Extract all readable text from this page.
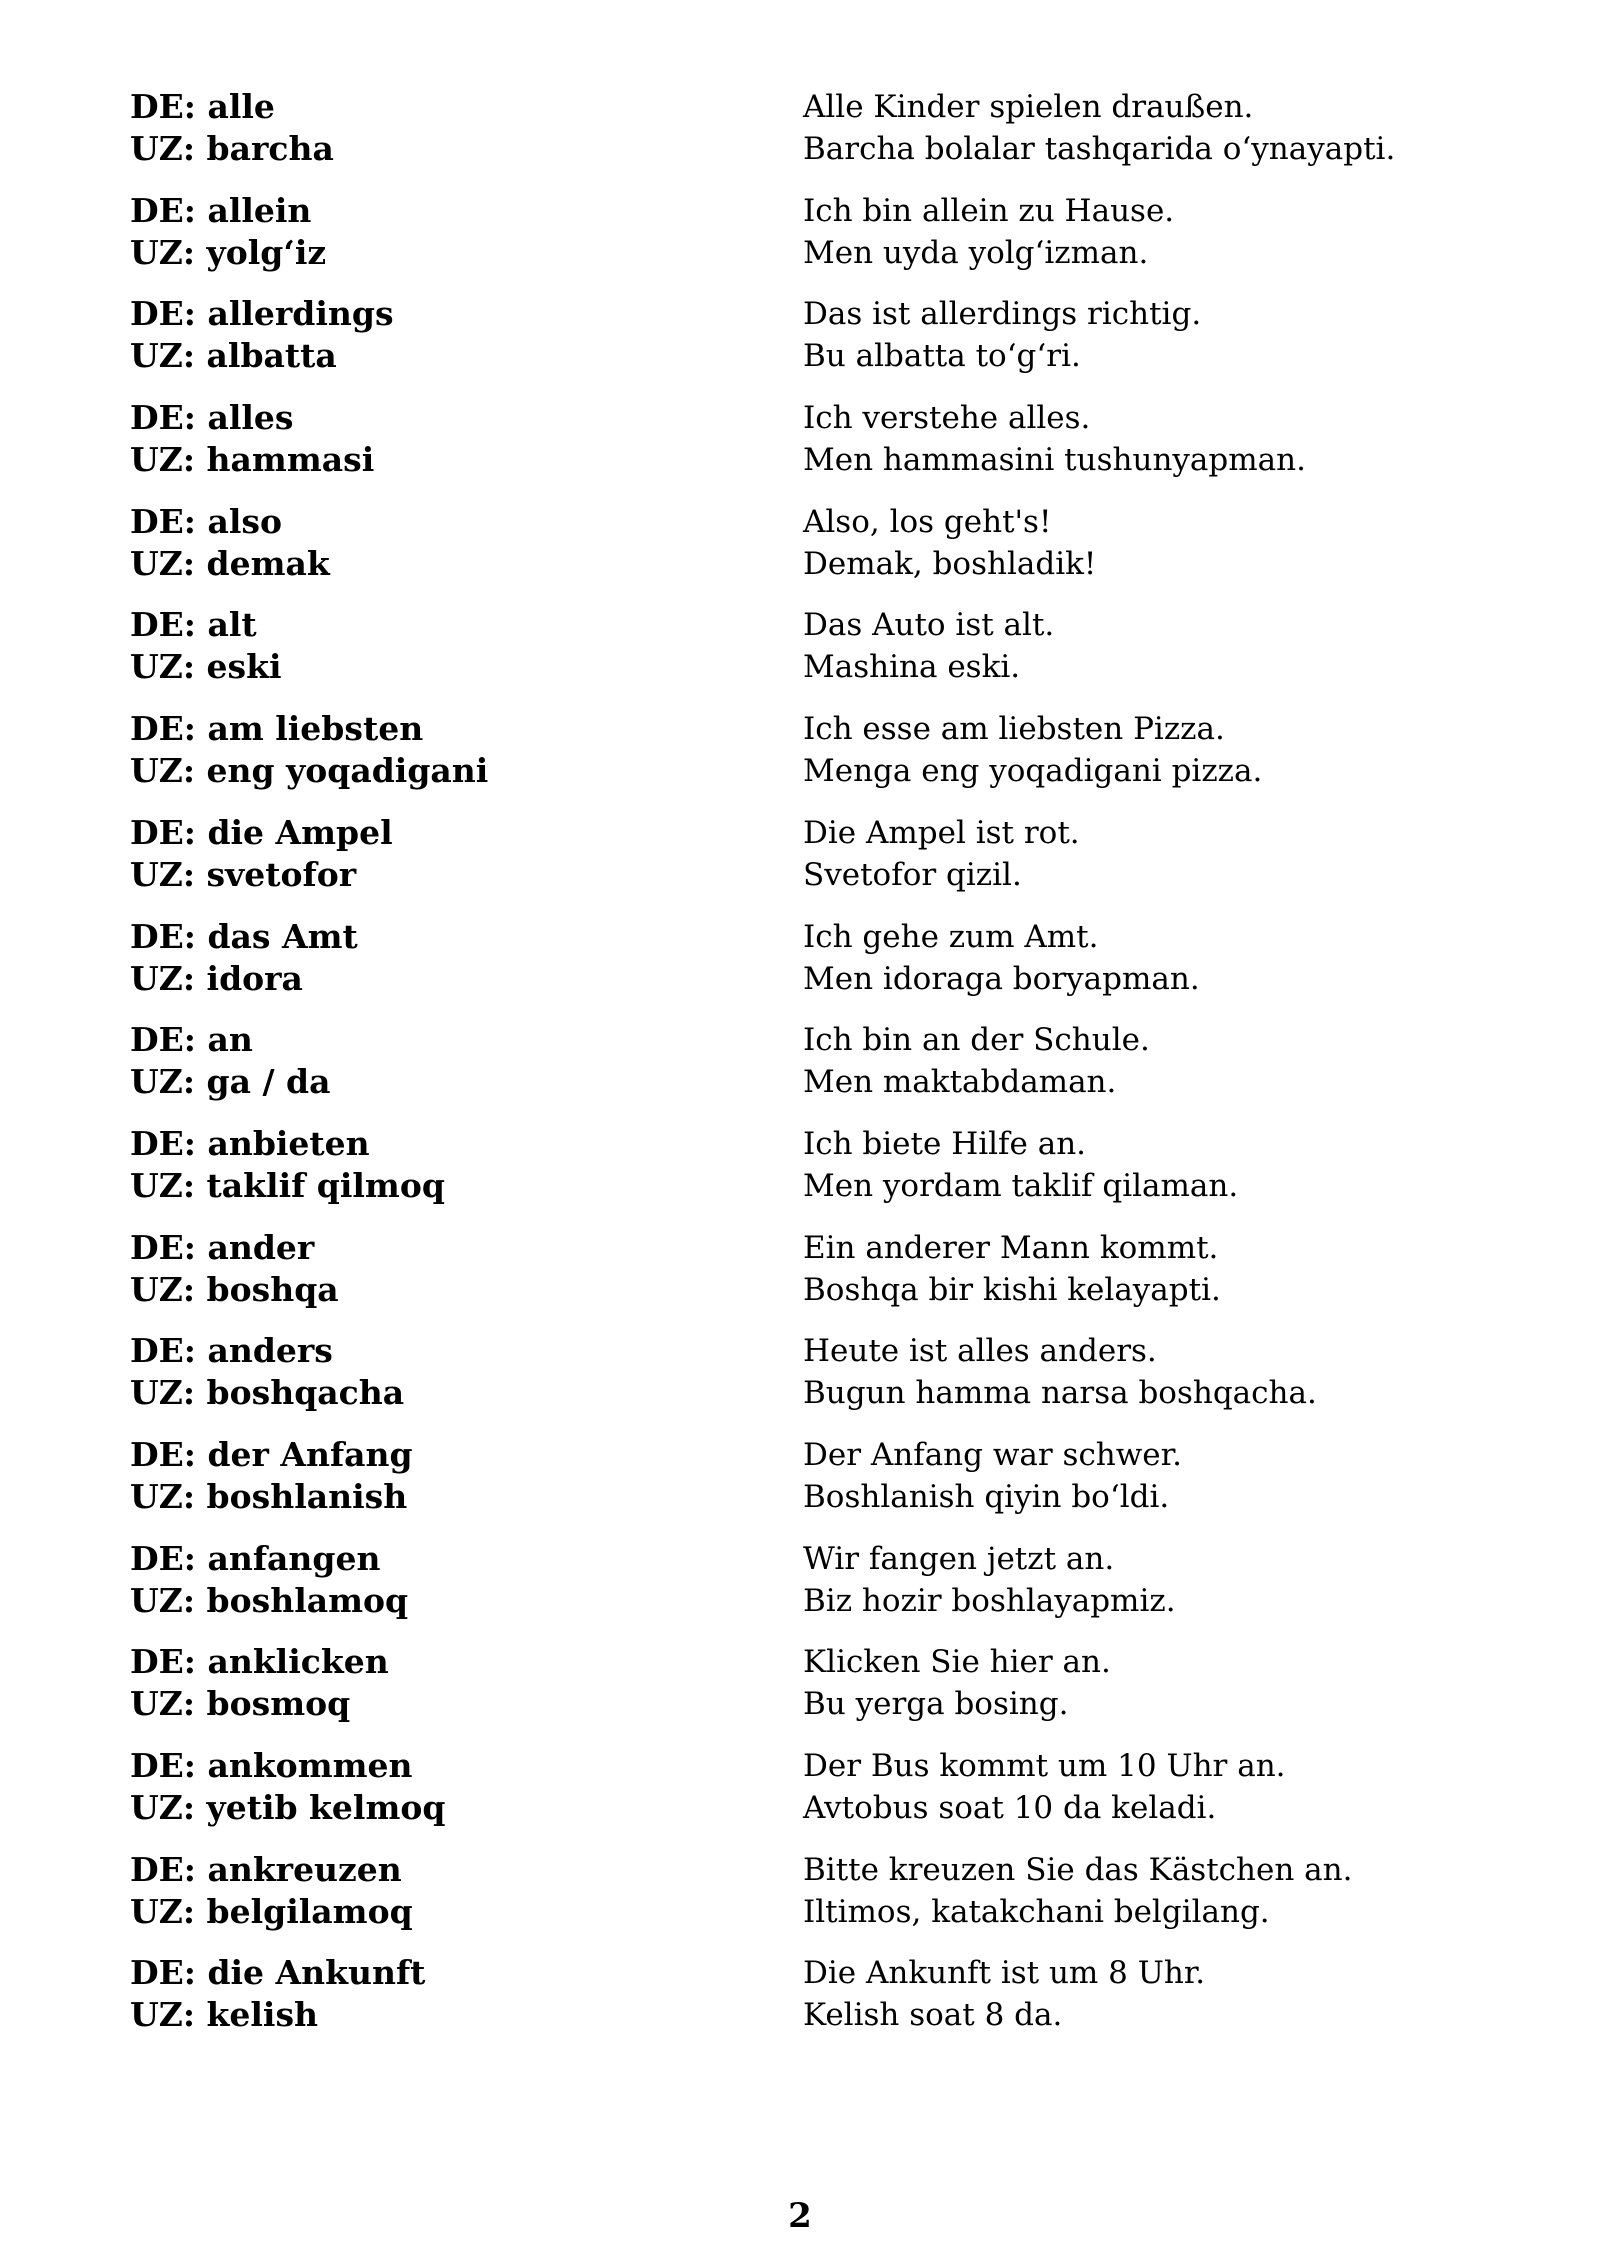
DE: alle
UZ: barcha
Alle Kinder spielen draußen.
Barcha bolalar tashqarida oʻynayapti.
DE: allein
UZ: yolgʻiz
Ich bin allein zu Hause.
Men uyda yolgʻizman.
DE: allerdings
UZ: albatta
Das ist allerdings richtig.
Bu albatta toʻgʻri.
DE: alles
UZ: hammasi
Ich verstehe alles.
Men hammasini tushunyapman.
DE: also
UZ: demak
Also, los geht's!
Demak, boshladik!
DE: alt
UZ: eski
Das Auto ist alt.
Mashina eski.
DE: am liebsten
UZ: eng yoqadigani
Ich esse am liebsten Pizza.
Menga eng yoqadigani pizza.
DE: die Ampel
UZ: svetofor
Die Ampel ist rot.
Svetofor qizil.
DE: das Amt
UZ: idora
Ich gehe zum Amt.
Men idoraga boryapman.
DE: an
UZ: ga / da
Ich bin an der Schule.
Men maktabdaman.
DE: anbieten
UZ: taklif qilmoq
Ich biete Hilfe an.
Men yordam taklif qilaman.
DE: ander
UZ: boshqa
Ein anderer Mann kommt.
Boshqa bir kishi kelayapti.
DE: anders
UZ: boshqacha
Heute ist alles anders.
Bugun hamma narsa boshqacha.
DE: der Anfang
UZ: boshlanish
Der Anfang war schwer.
Boshlanish qiyin boʻldi.
DE: anfangen
UZ: boshlamoq
Wir fangen jetzt an.
Biz hozir boshlayapmiz.
DE: anklicken
UZ: bosmoq
Klicken Sie hier an.
Bu yerga bosing.
DE: ankommen
UZ: yetib kelmoq
Der Bus kommt um 10 Uhr an.
Avtobus soat 10 da keladi.
DE: ankreuzen
UZ: belgilamoq
Bitte kreuzen Sie das Kästchen an.
Iltimos, katakchani belgilang.
DE: die Ankunft
UZ: kelish
Die Ankunft ist um 8 Uhr.
Kelish soat 8 da.
2
